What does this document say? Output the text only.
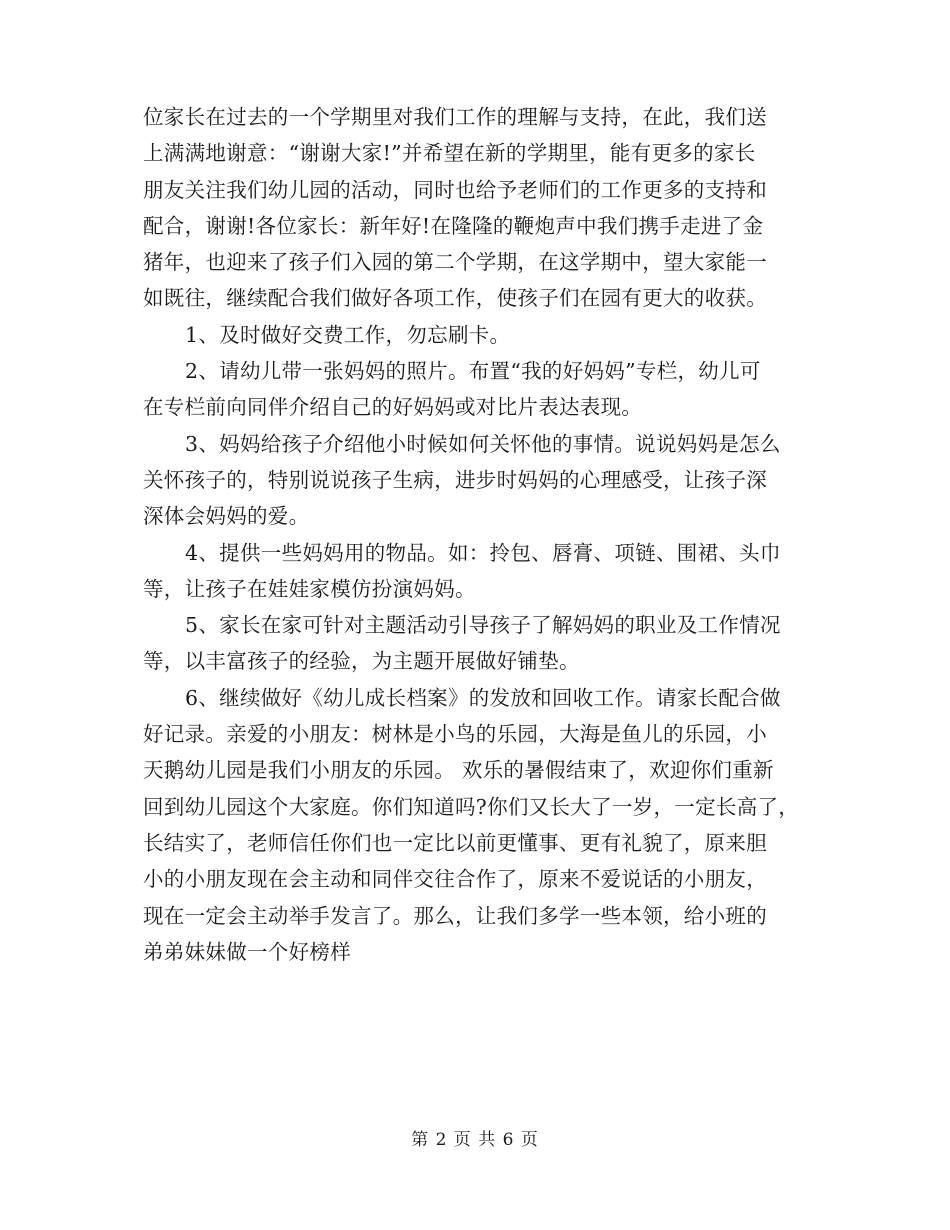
位家长在过去的一个学期里对我们工作的理解与支持，在此，我们送
上满满地谢意：“谢谢大家!”并希望在新的学期里，能有更多的家长
朋友关注我们幼儿园的活动，同时也给予老师们的工作更多的支持和
配合，谢谢!各位家长：新年好!在隆隆的鞭炮声中我们携手走进了金
猪年，也迎来了孩子们入园的第二个学期，在这学期中，望大家能一
如既往，继续配合我们做好各项工作，使孩子们在园有更大的收获。
1、及时做好交费工作，勿忘刷卡。
2、请幼儿带一张妈妈的照片。布置“我的好妈妈”专栏，幼儿可
在专栏前向同伴介绍自己的好妈妈或对比片表达表现。
3、妈妈给孩子介绍他小时候如何关怀他的事情。说说妈妈是怎么
关怀孩子的，特别说说孩子生病，进步时妈妈的心理感受，让孩子深
深体会妈妈的爱。
4、提供一些妈妈用的物品。如：拎包、唇膏、项链、围裙、头巾
等，让孩子在娃娃家模仿扮演妈妈。
5、家长在家可针对主题活动引导孩子了解妈妈的职业及工作情况
等，以丰富孩子的经验，为主题开展做好铺垫。
6、继续做好《幼儿成长档案》的发放和回收工作。请家长配合做
好记录。亲爱的小朋友：树林是小鸟的乐园，大海是鱼儿的乐园，小
天鹅幼儿园是我们小朋友的乐园。 欢乐的暑假结束了，欢迎你们重新
回到幼儿园这个大家庭。你们知道吗?你们又长大了一岁，一定长高了，
长结实了，老师信任你们也一定比以前更懂事、更有礼貌了，原来胆
小的小朋友现在会主动和同伴交往合作了，原来不爱说话的小朋友，
现在一定会主动举手发言了。那么，让我们多学一些本领，给小班的
弟弟妹妹做一个好榜样
第 2 页 共 6 页
